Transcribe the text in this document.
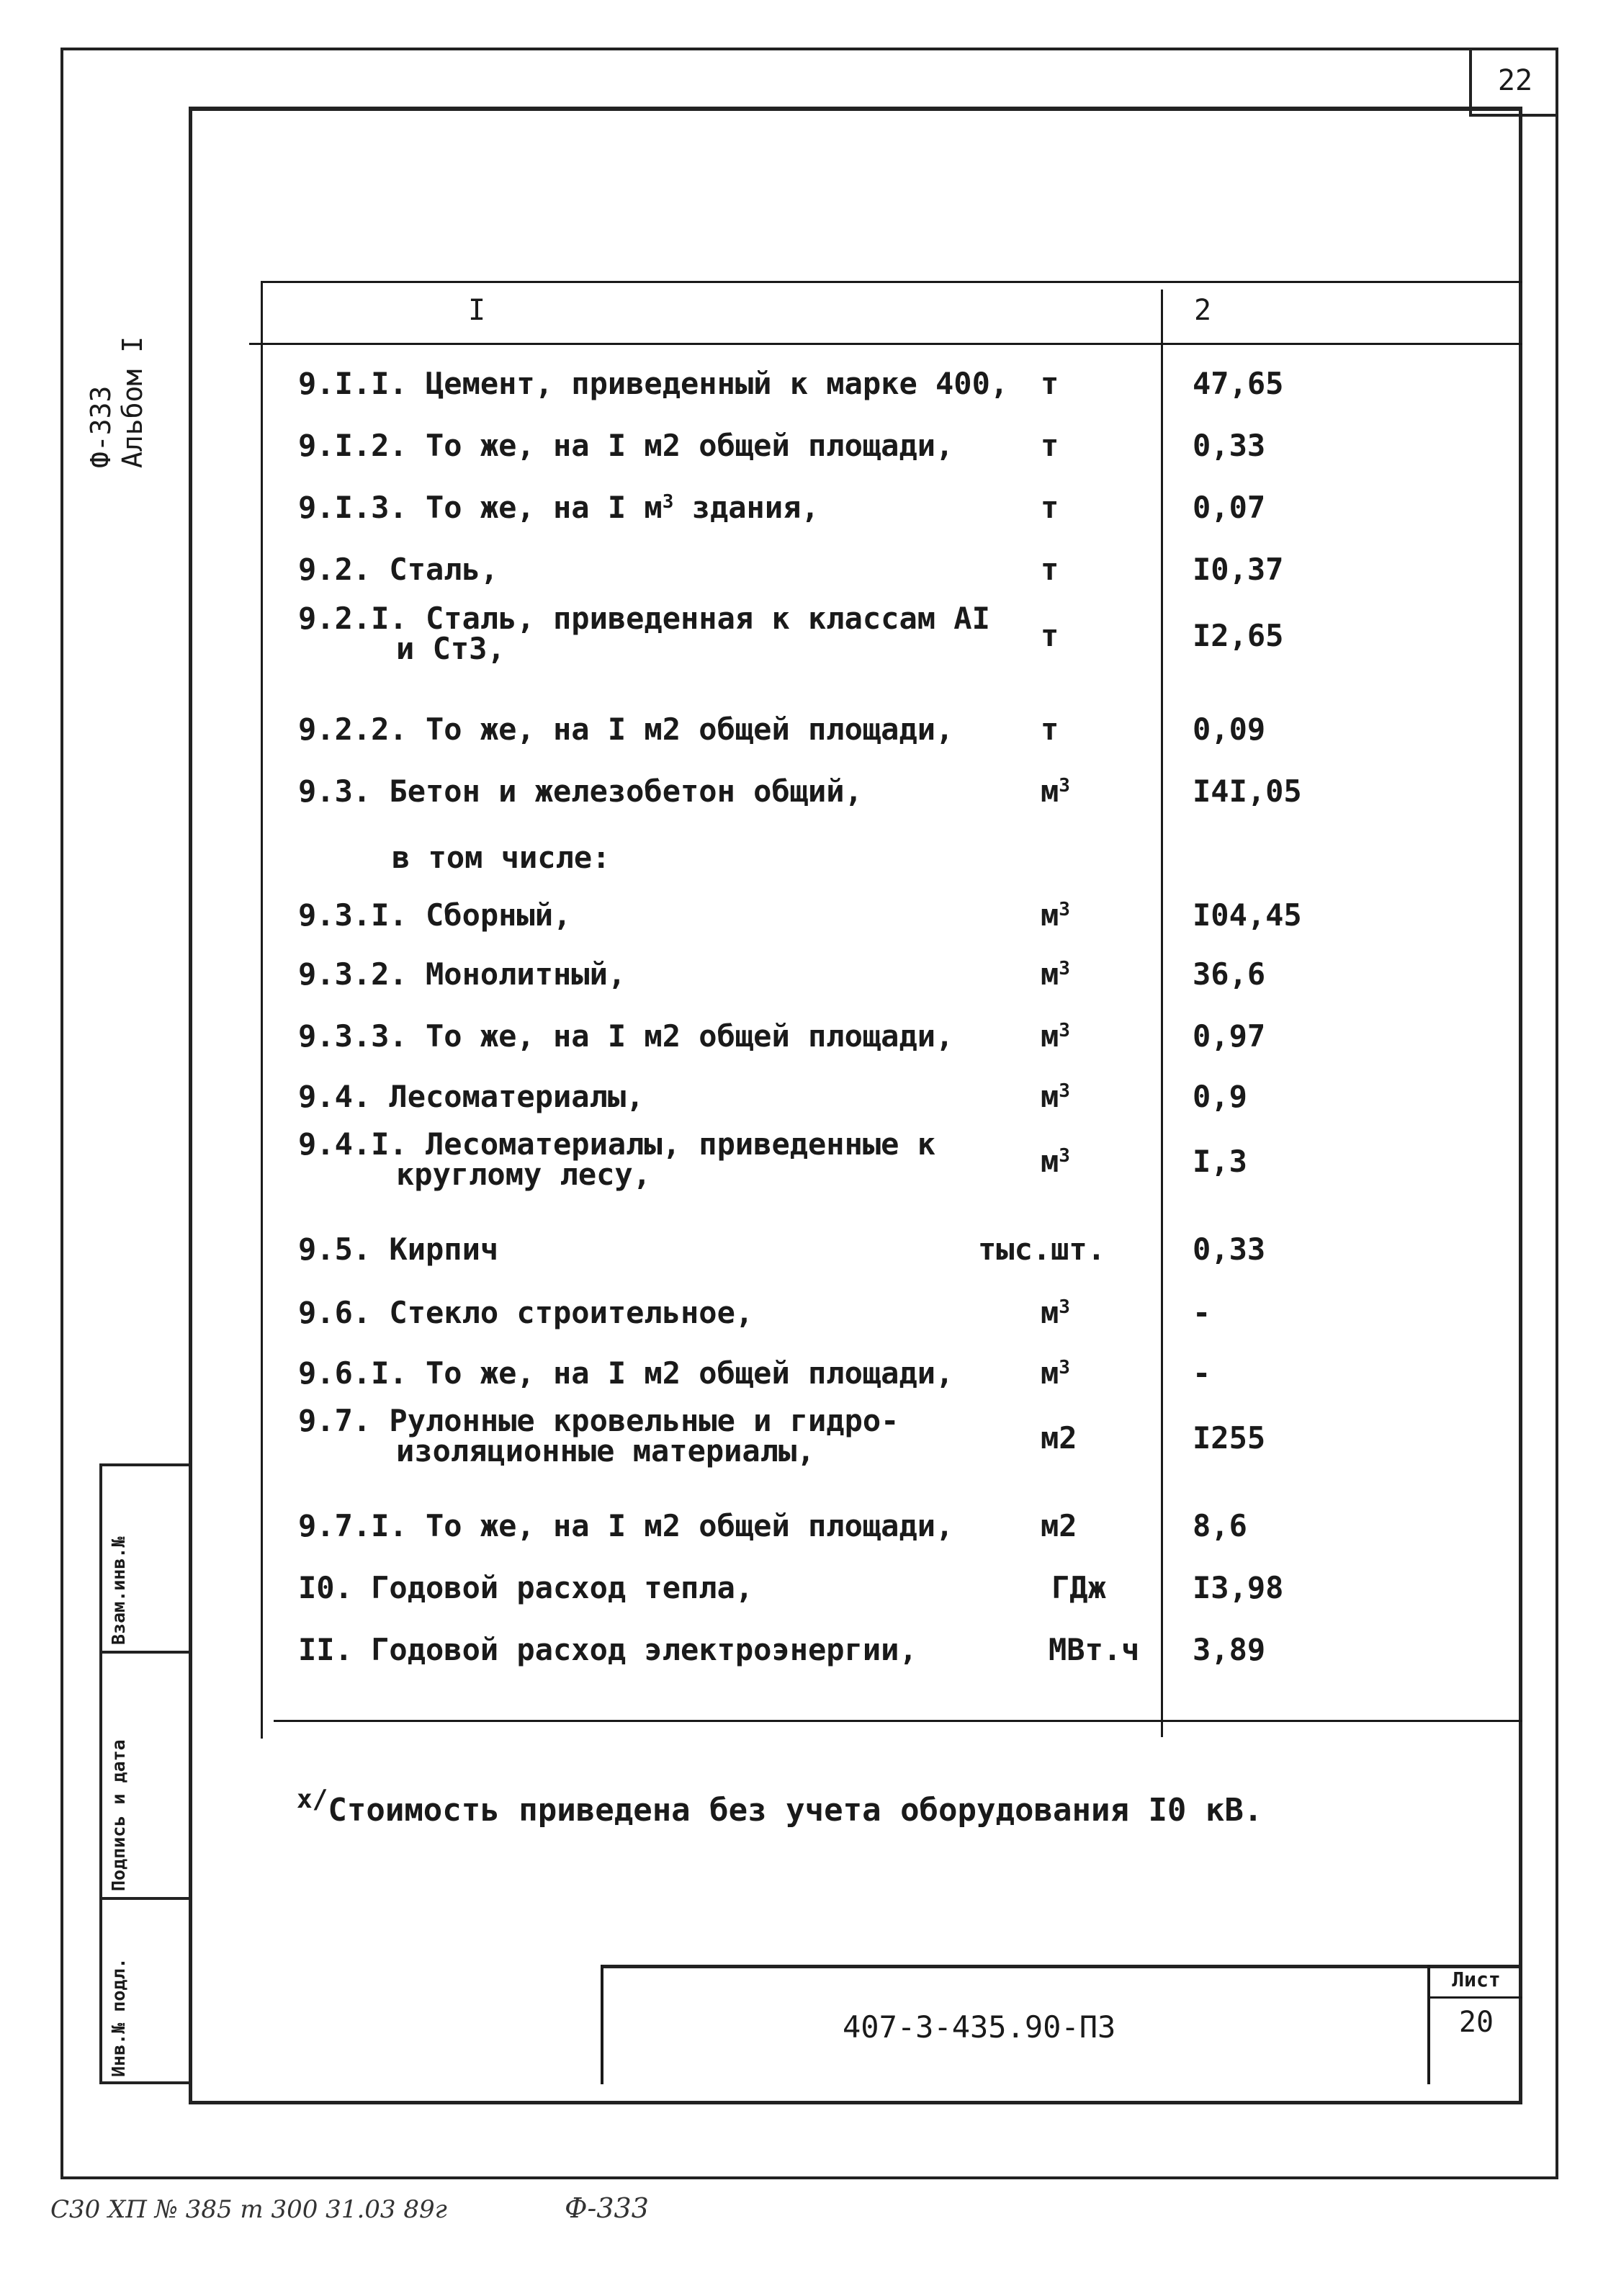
22
Ф-333 Альбом I
Взам.инв.№
Подпись и дата
Инв.№ подл.
I	2
9.I.I. Цемент, приведенный к марке 400, т	47,65
9.I.2. То же, на I м2 общей площади,	т	0,33
9.I.3. То же, на I $м^3$ здания,	т	0,07
9.2. Сталь,	т	I0,37
9.2.I. Сталь, приведенная к классам AI
и Ст3,	т	I2,65
9.2.2. То же, на I м2 общей площади,	т	0,09
9.3. Бетон и железобетон общий,	$м^3$	I4I,05
в том числе:
9.3.I. Сборный,	$м^3$	I04,45
9.3.2. Монолитный,	$м^3$	36,6
9.3.3. То же, на I м2 общей площади,	$м^3$	0,97
9.4. Лесоматериалы,	$м^3$	0,9
9.4.I. Лесоматериалы, приведенные к
круглому лесу,	$м^3$	I,3
9.5. Кирпич	тыс.шт.	0,33
9.6. Стекло строительное,	$м^3$	-
9.6.I. То же, на I м2 общей площади,	$м^3$	-
9.7. Рулонные кровельные и гидро-
изоляционные материалы,	м2	I255
9.7.I. То же, на I м2 общей площади,	м2	8,6
I0. Годовой расход тепла,	ГДж	I3,98
II. Годовой расход электроэнергии,	МВт.ч 3,89
$^{x/}$Стоимость приведена без учета оборудования I0 кВ.
407-3-435.90-ПЗ
Лист
20
С30 ХП № 385 т 300 31.03 89г	Ф-333
